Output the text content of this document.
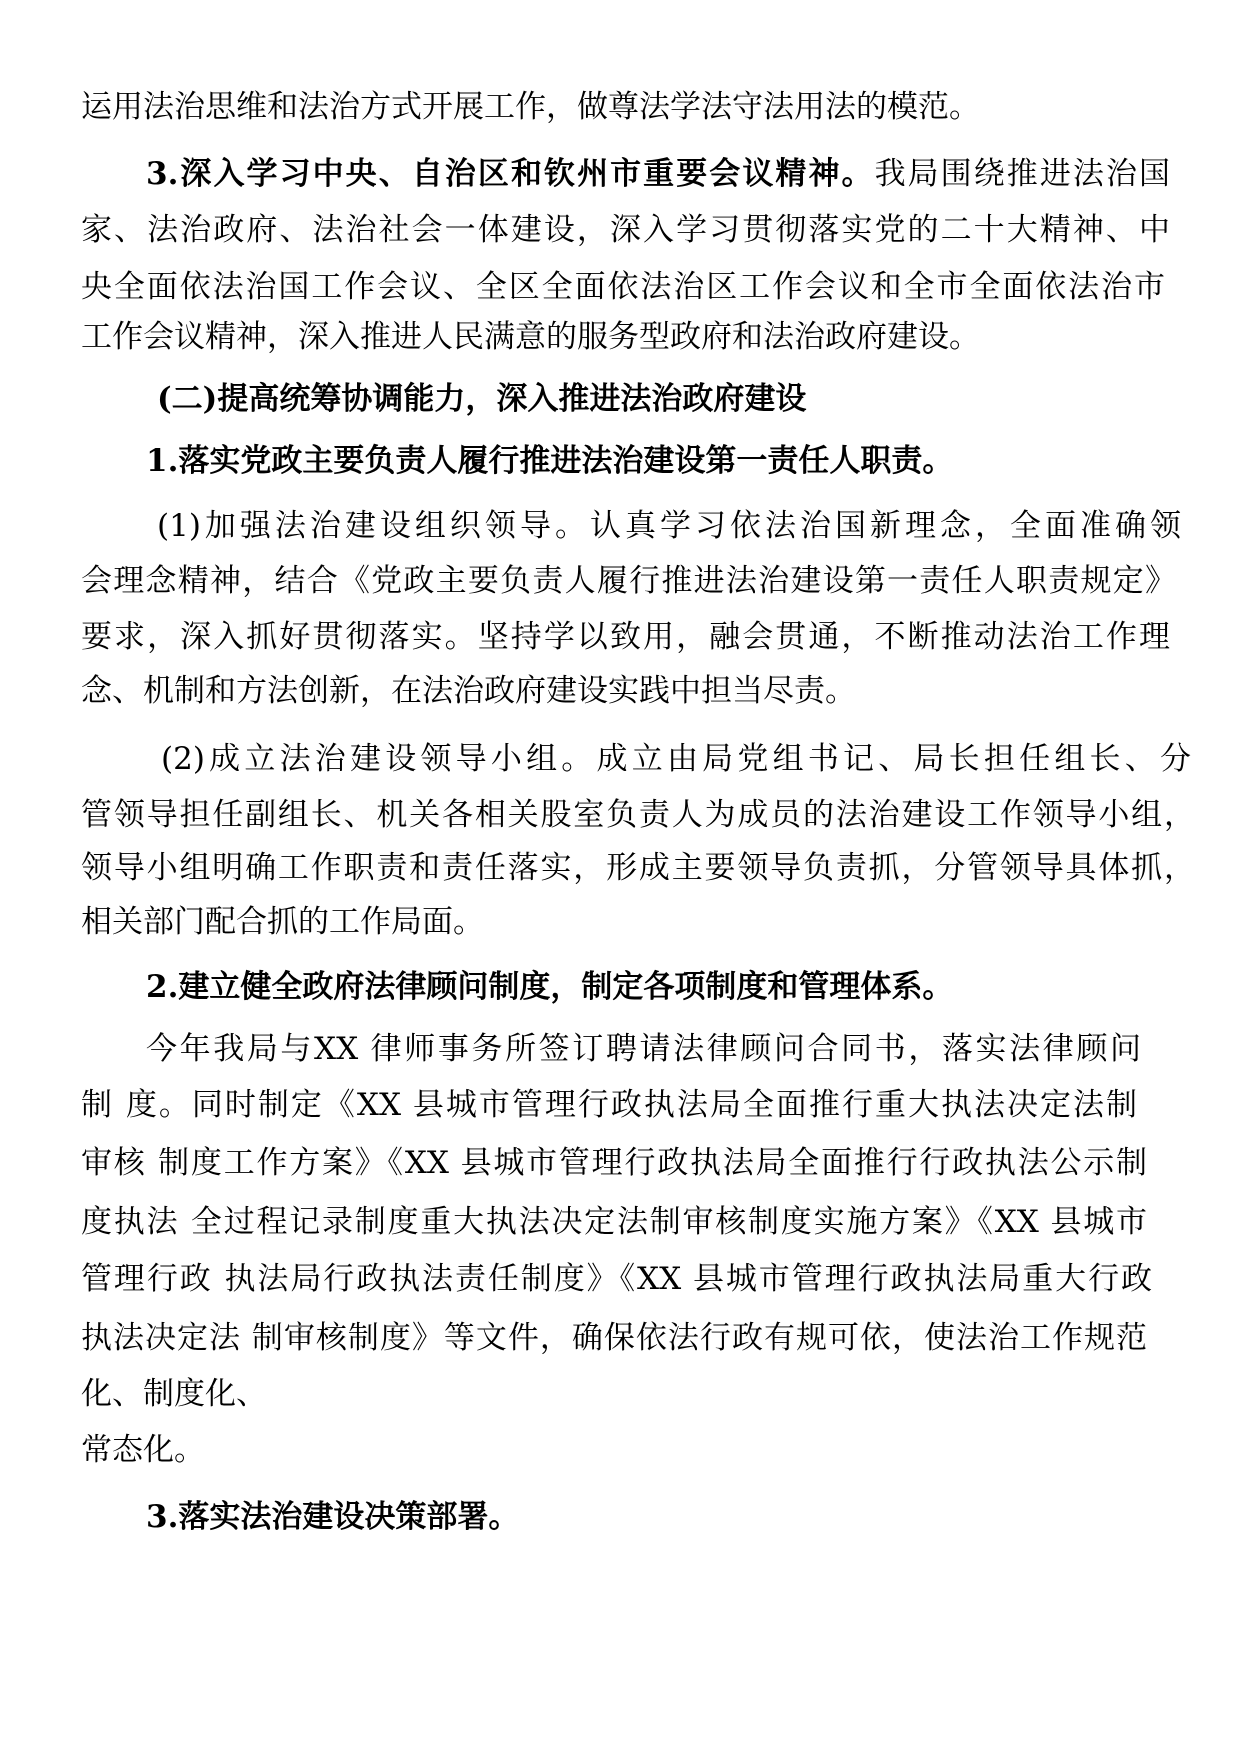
运用法治思维和法治方式开展工作，做尊法学法守法用法的模范。
3.深入学习中央、自治区和钦州市重要会议精神。我局围绕推进法治国
家、法治政府、法治社会一体建设，深入学习贯彻落实党的二十大精神、中
央全面依法治国工作会议、全区全面依法治区工作会议和全市全面依法治市
工作会议精神，深入推进人民满意的服务型政府和法治政府建设。
(二)提高统筹协调能力，深入推进法治政府建设
1.落实党政主要负责人履行推进法治建设第一责任人职责。
(1)加强法治建设组织领导。认真学习依法治国新理念，全面准确领
会理念精神，结合《党政主要负责人履行推进法治建设第一责任人职责规定》
要求，深入抓好贯彻落实。坚持学以致用，融会贯通，不断推动法治工作理
念、机制和方法创新，在法治政府建设实践中担当尽责。
(2)成立法治建设领导小组。成立由局党组书记、局长担任组长、分
管领导担任副组长、机关各相关股室负责人为成员的法治建设工作领导小组，
领导小组明确工作职责和责任落实，形成主要领导负责抓，分管领导具体抓，
相关部门配合抓的工作局面。
2.建立健全政府法律顾问制度，制定各项制度和管理体系。
今年我局与XX 律师事务所签订聘请法律顾问合同书，落实法律顾问
制 度。同时制定《XX 县城市管理行政执法局全面推行重大执法决定法制
审核 制度工作方案》《XX 县城市管理行政执法局全面推行行政执法公示制
度执法 全过程记录制度重大执法决定法制审核制度实施方案》《XX 县城市
管理行政 执法局行政执法责任制度》《XX 县城市管理行政执法局重大行政
执法决定法 制审核制度》等文件，确保依法行政有规可依，使法治工作规范
化、制度化、
常态化。
3.落实法治建设决策部署。
